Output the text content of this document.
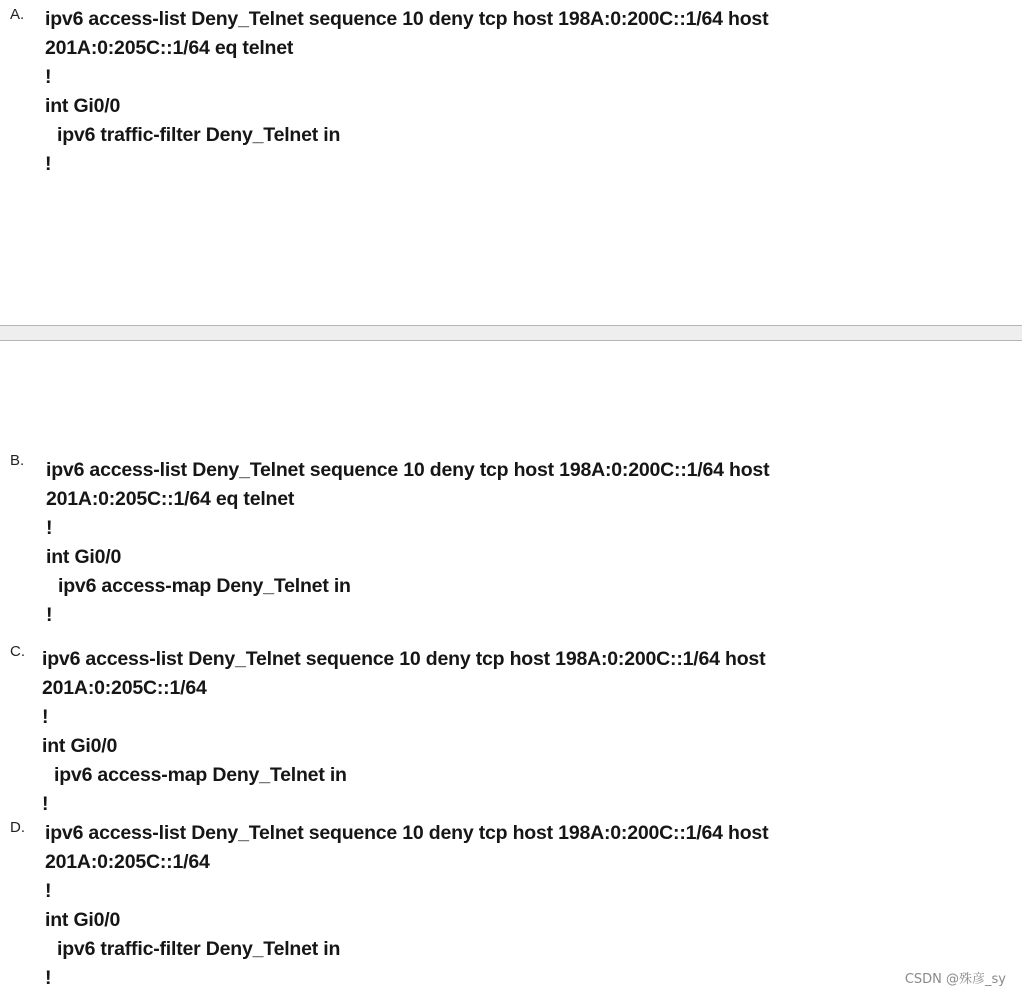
A. ipv6 access-list Deny_Telnet sequence 10 deny tcp host 198A:0:200C::1/64 host
201A:0:205C::1/64 eq telnet
!
int Gi0/0
ipv6 traffic-filter Deny_Telnet in
!
B. ipv6 access-list Deny_Telnet sequence 10 deny tcp host 198A:0:200C::1/64 host
201A:0:205C::1/64 eq telnet
!
int Gi0/0
ipv6 access-map Deny_Telnet in
!
C. ipv6 access-list Deny_Telnet sequence 10 deny tcp host 198A:0:200C::1/64 host
201A:0:205C::1/64
!
int Gi0/0
ipv6 access-map Deny_Telnet in
!
D. ipv6 access-list Deny_Telnet sequence 10 deny tcp host 198A:0:200C::1/64 host
201A:0:205C::1/64
!
int Gi0/0
ipv6 traffic-filter Deny_Telnet in
!	CSDN @殊彦_sy
